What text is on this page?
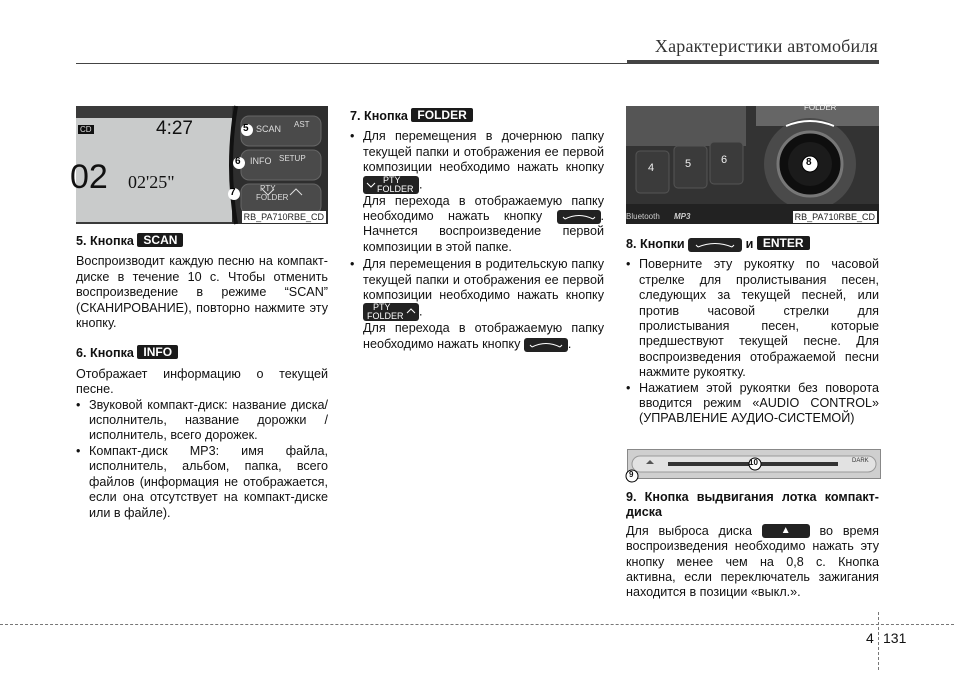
Характеристики автомобиля
CD	4:27
02 02'25"
5
6
7
SCAN AST
INFO SETUP
PTY
FOLDER
RB_PA710RBE_CD
5. Кнопка SCAN

Воспроизводит каждую песню на компакт-диске в течение 10 с. Чтобы отменить воспроизведение в режиме “SCAN” (СКАНИРОВАНИЕ), повторно нажмите эту кнопку.

6. Кнопка INFO

Отображает информацию о текущей песне.

• Звуковой компакт-диск: название диска/исполнитель, название дорожки /исполнитель, всего дорожек.
• Компакт-диск MP3: имя файла, исполнитель, альбом, папка, всего файлов (информация не отображается, если она отсутствует на компакт-диске или в файле).
7. Кнопка FOLDER
• Для перемещения в дочернюю папку текущей папки и отображения ее первой композиции необходимо нажать кнопку
PTY
FOLDER .
Для перехода в отображаемую папку необходимо нажать кнопку	. Начнется воспроизведение первой композиции в этой папке.
• Для перемещения в родительскую папку текущей папки и отображения ее первой композиции необходимо нажать кнопку
PTY
FOLDER .
Для перехода в отображаемую папку необходимо нажать кнопку	.
FOLDER
4	5	6	8
Bluetooth MP3	RB_PA710RBE_CD
8. Кнопки	и ENTER
• Поверните эту рукоятку по часовой стрелке для пролистывания песен, следующих за текущей песней, или против часовой стрелки для пролистывания песен, которые предшествуют текущей песне. Для воспроизведения отображаемой песни нажмите рукоятку.
• Нажатием этой рукоятки без поворота вводится режим «AUDIO CONTROL» (УПРАВЛЕНИЕ АУДИО-СИСТЕМОЙ)
10
9
DARK
9. Кнопка выдвигания лотка компакт-диска

Для выброса диска	▲ во время воспроизведения необходимо нажать эту кнопку менее чем на 0,8 с. Кнопка активна, если переключатель зажигания находится в позиции «выкл.».

4 131
